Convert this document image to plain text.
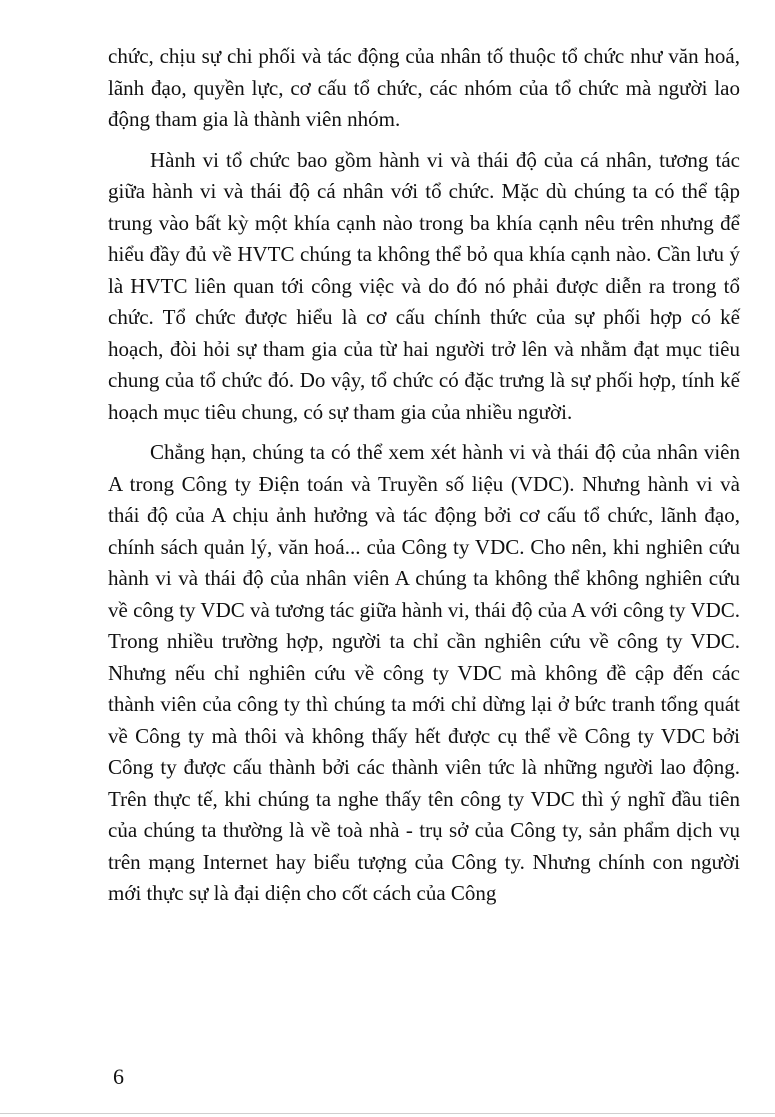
chức, chịu sự chi phối và tác động của nhân tố thuộc tổ chức như văn hoá, lãnh đạo, quyền lực, cơ cấu tổ chức, các nhóm của tổ chức mà người lao động tham gia là thành viên nhóm.

Hành vi tổ chức bao gồm hành vi và thái độ của cá nhân, tương tác giữa hành vi và thái độ cá nhân với tổ chức. Mặc dù chúng ta có thể tập trung vào bất kỳ một khía cạnh nào trong ba khía cạnh nêu trên nhưng để hiểu đầy đủ về HVTC chúng ta không thể bỏ qua khía cạnh nào. Cần lưu ý là HVTC liên quan tới công việc và do đó nó phải được diễn ra trong tổ chức. Tổ chức được hiểu là cơ cấu chính thức của sự phối hợp có kế hoạch, đòi hỏi sự tham gia của từ hai người trở lên và nhằm đạt mục tiêu chung của tổ chức đó. Do vậy, tổ chức có đặc trưng là sự phối hợp, tính kế hoạch mục tiêu chung, có sự tham gia của nhiều người.

Chẳng hạn, chúng ta có thể xem xét hành vi và thái độ của nhân viên A trong Công ty Điện toán và Truyền số liệu (VDC). Nhưng hành vi và thái độ của A chịu ảnh hưởng và tác động bởi cơ cấu tổ chức, lãnh đạo, chính sách quản lý, văn hoá... của Công ty VDC. Cho nên, khi nghiên cứu hành vi và thái độ của nhân viên A chúng ta không thể không nghiên cứu về công ty VDC và tương tác giữa hành vi, thái độ của A với công ty VDC. Trong nhiều trường hợp, người ta chỉ cần nghiên cứu về công ty VDC. Nhưng nếu chỉ nghiên cứu về công ty VDC mà không đề cập đến các thành viên của công ty thì chúng ta mới chỉ dừng lại ở bức tranh tổng quát về Công ty mà thôi và không thấy hết được cụ thể về Công ty VDC bởi Công ty được cấu thành bởi các thành viên tức là những người lao động. Trên thực tế, khi chúng ta nghe thấy tên công ty VDC thì ý nghĩ đầu tiên của chúng ta thường là về toà nhà - trụ sở của Công ty, sản phẩm dịch vụ trên mạng Internet hay biểu tượng của Công ty. Nhưng chính con người mới thực sự là đại diện cho cốt cách của Công

6
